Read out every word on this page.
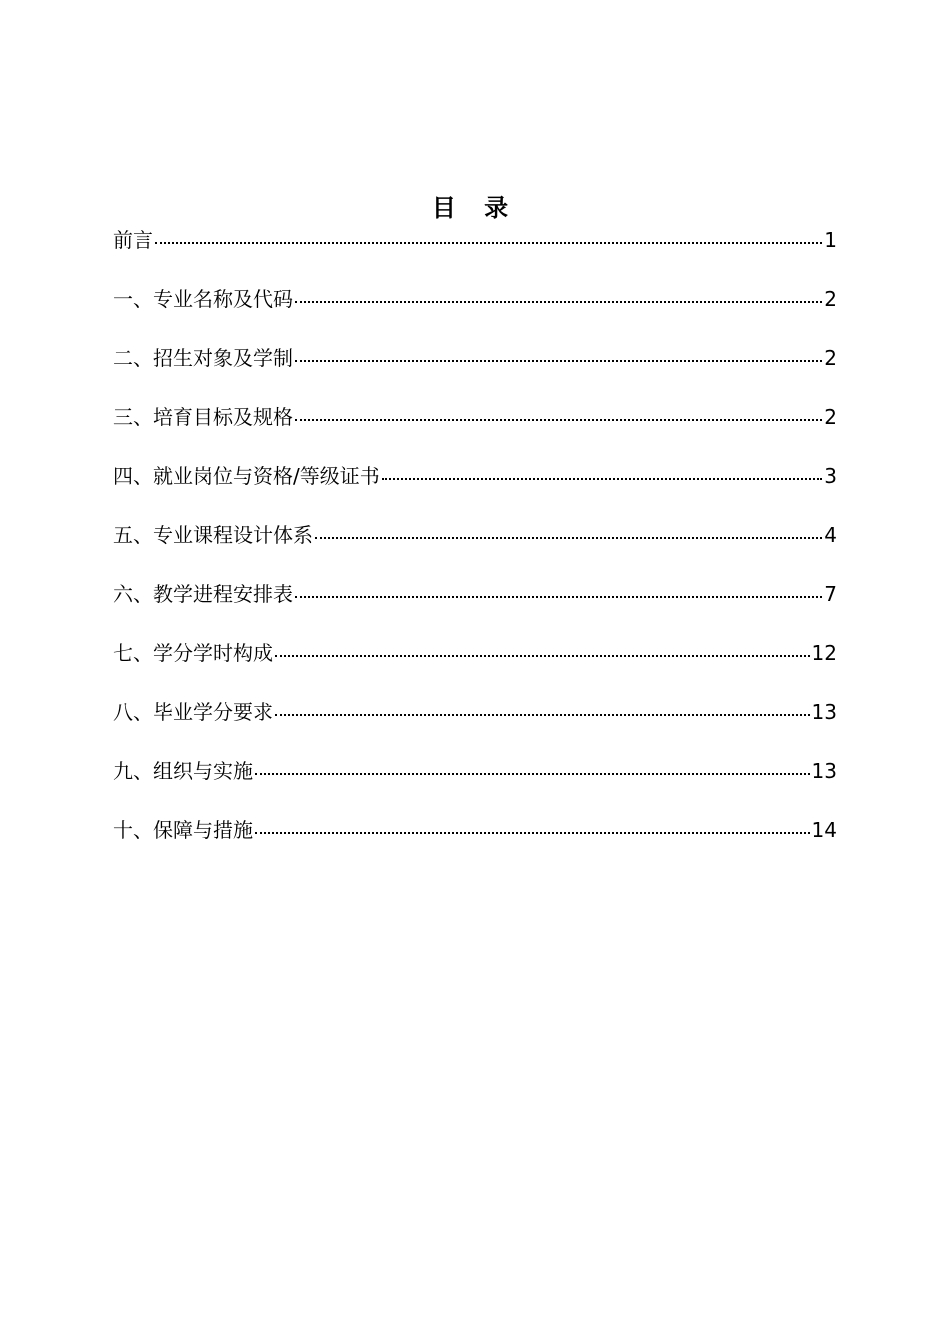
目 录
前言	1
一、专业名称及代码	2
二、招生对象及学制	2
三、培育目标及规格	2
四、就业岗位与资格/等级证书	3
五、专业课程设计体系	4
六、教学进程安排表	7
七、学分学时构成	12
八、毕业学分要求	13
九、组织与实施	13
十、保障与措施	14
